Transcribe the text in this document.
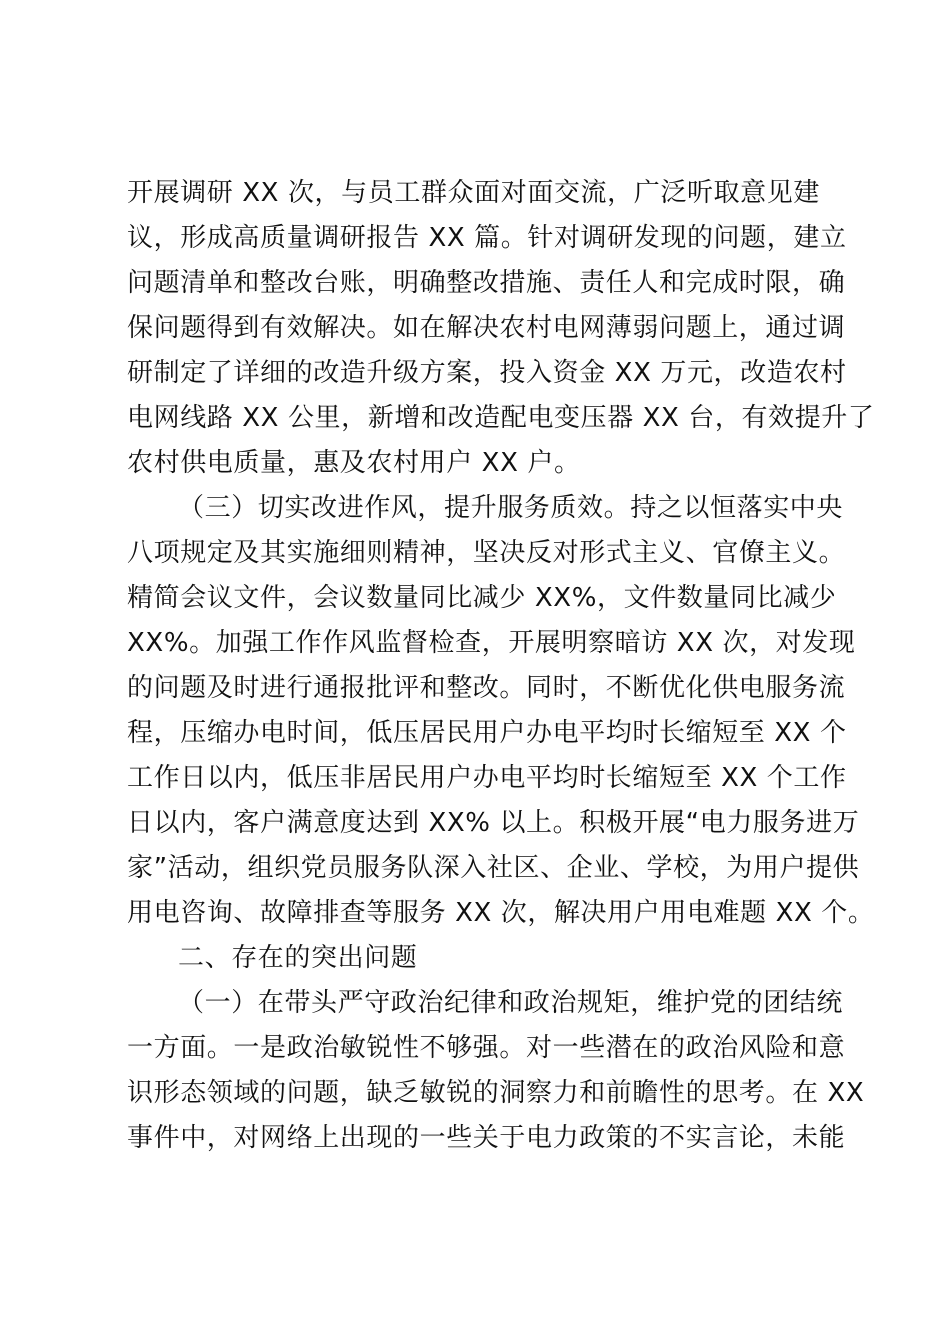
开展调研 XX 次，与员工群众面对面交流，广泛听取意见建
议，形成高质量调研报告 XX 篇。针对调研发现的问题，建立
问题清单和整改台账，明确整改措施、责任人和完成时限，确
保问题得到有效解决。如在解决农村电网薄弱问题上，通过调
研制定了详细的改造升级方案，投入资金 XX 万元，改造农村
电网线路 XX 公里，新增和改造配电变压器 XX 台，有效提升了
农村供电质量，惠及农村用户 XX 户。
（三）切实改进作风，提升服务质效。持之以恒落实中央
八项规定及其实施细则精神，坚决反对形式主义、官僚主义。
精简会议文件，会议数量同比减少 XX%，文件数量同比减少
XX%。加强工作作风监督检查，开展明察暗访 XX 次，对发现
的问题及时进行通报批评和整改。同时，不断优化供电服务流
程，压缩办电时间，低压居民用户办电平均时长缩短至 XX 个
工作日以内，低压非居民用户办电平均时长缩短至 XX 个工作
日以内，客户满意度达到 XX% 以上。积极开展“电力服务进万
家”活动，组织党员服务队深入社区、企业、学校，为用户提供
用电咨询、故障排查等服务 XX 次，解决用户用电难题 XX 个。
二、存在的突出问题
（一）在带头严守政治纪律和政治规矩，维护党的团结统
一方面。一是政治敏锐性不够强。对一些潜在的政治风险和意
识形态领域的问题，缺乏敏锐的洞察力和前瞻性的思考。在 XX
事件中，对网络上出现的一些关于电力政策的不实言论，未能
